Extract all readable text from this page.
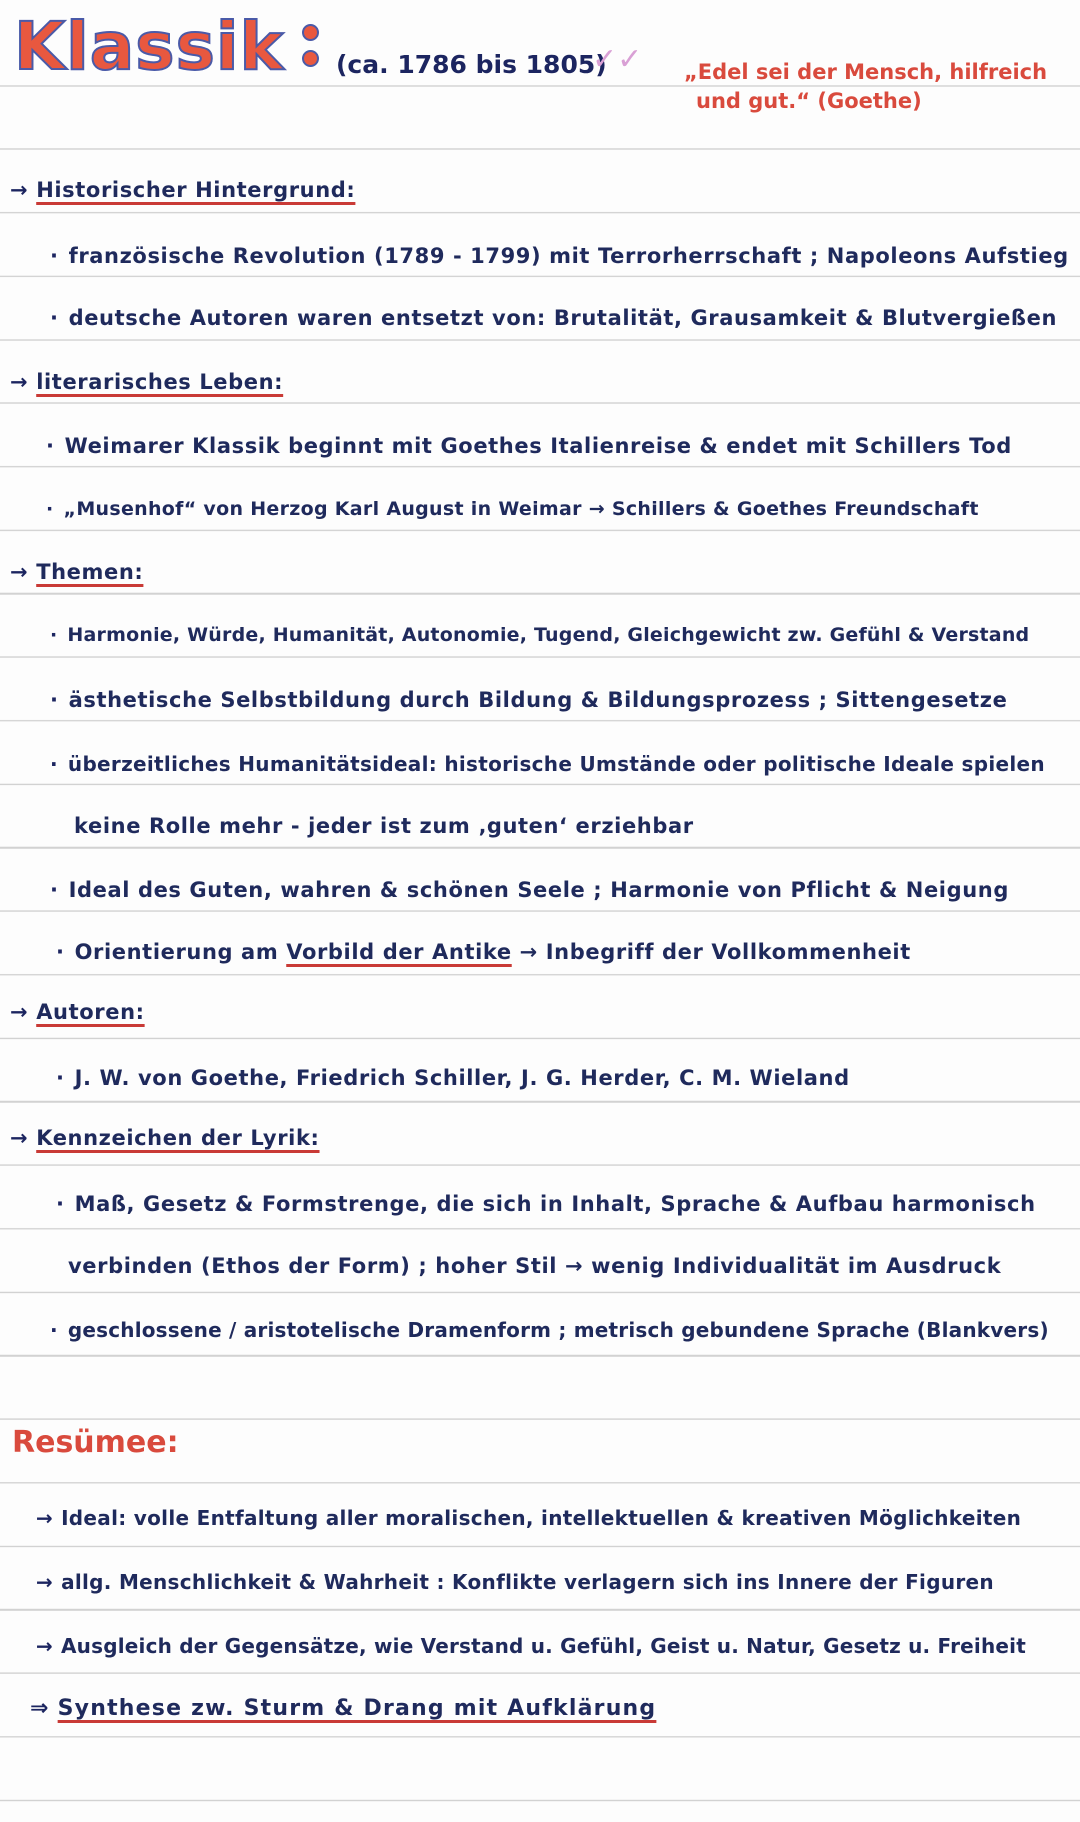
Klassik (ca. 1786 bis 1805)
✓✓ „Edel sei der Mensch, hilfreich
und gut.“ (Goethe)
→ Historischer Hintergrund:
· französische Revolution (1789 - 1799) mit Terrorherrschaft ; Napoleons Aufstieg
· deutsche Autoren waren entsetzt von: Brutalität, Grausamkeit & Blutvergießen
→ literarisches Leben:
· Weimarer Klassik beginnt mit Goethes Italienreise & endet mit Schillers Tod
· „Musenhof“ von Herzog Karl August in Weimar → Schillers & Goethes Freundschaft
→ Themen:
· Harmonie, Würde, Humanität, Autonomie, Tugend, Gleichgewicht zw. Gefühl & Verstand
· ästhetische Selbstbildung durch Bildung & Bildungsprozess ; Sittengesetze
· überzeitliches Humanitätsideal: historische Umstände oder politische Ideale spielen
keine Rolle mehr - jeder ist zum ‚guten‘ erziehbar
· Ideal des Guten, wahren & schönen Seele ; Harmonie von Pflicht & Neigung
· Orientierung am Vorbild der Antike → Inbegriff der Vollkommenheit
→ Autoren:
· J. W. von Goethe, Friedrich Schiller, J. G. Herder, C. M. Wieland
→ Kennzeichen der Lyrik:
· Maß, Gesetz & Formstrenge, die sich in Inhalt, Sprache & Aufbau harmonisch
verbinden (Ethos der Form) ; hoher Stil → wenig Individualität im Ausdruck
· geschlossene / aristotelische Dramenform ; metrisch gebundene Sprache (Blankvers)
Resümee:
→ Ideal: volle Entfaltung aller moralischen, intellektuellen & kreativen Möglichkeiten
→ allg. Menschlichkeit & Wahrheit : Konflikte verlagern sich ins Innere der Figuren
→ Ausgleich der Gegensätze, wie Verstand u. Gefühl, Geist u. Natur, Gesetz u. Freiheit
⇒ Synthese zw. Sturm & Drang mit Aufklärung
